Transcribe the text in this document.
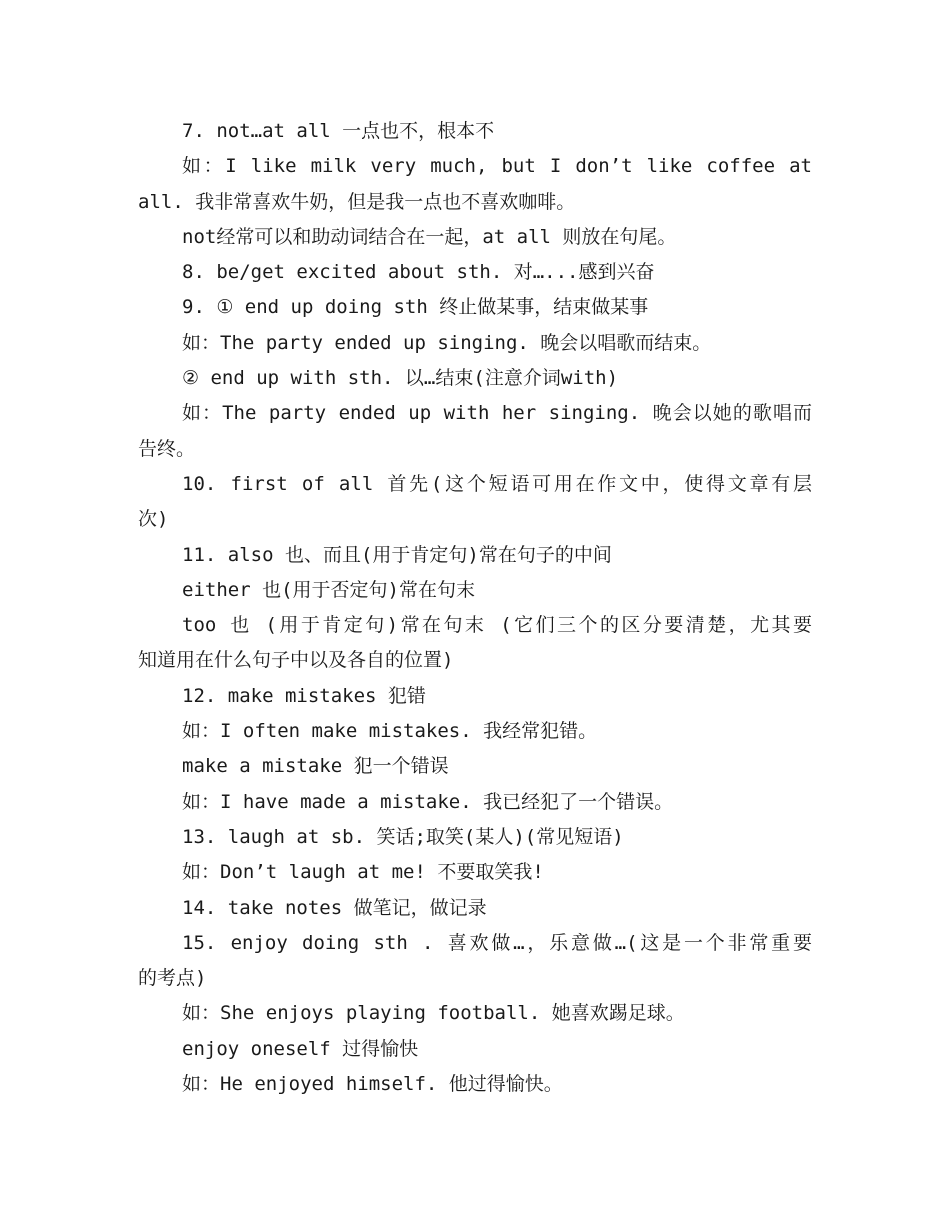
7. not…at all 一点也不，根本不
如：I like milk very much, but I don’t like coffee at
all. 我非常喜欢牛奶，但是我一点也不喜欢咖啡。
not经常可以和助动词结合在一起，at all 则放在句尾。
8. be/get excited about sth. 对…...感到兴奋
9. ① end up doing sth 终止做某事，结束做某事
如：The party ended up singing. 晚会以唱歌而结束。
② end up with sth. 以…结束(注意介词with)
如：The party ended up with her singing. 晚会以她的歌唱而
告终。
10. first of all 首先(这个短语可用在作文中，使得文章有层
次)
11. also 也、而且(用于肯定句)常在句子的中间
either 也(用于否定句)常在句末
too 也 (用于肯定句)常在句末 (它们三个的区分要清楚，尤其要
知道用在什么句子中以及各自的位置)
12. make mistakes 犯错
如：I often make mistakes. 我经常犯错。
make a mistake 犯一个错误
如：I have made a mistake. 我已经犯了一个错误。
13. laugh at sb. 笑话;取笑(某人)(常见短语)
如：Don’t laugh at me! 不要取笑我!
14. take notes 做笔记，做记录
15. enjoy doing sth . 喜欢做…，乐意做…(这是一个非常重要
的考点)
如：She enjoys playing football. 她喜欢踢足球。
enjoy oneself 过得愉快
如：He enjoyed himself. 他过得愉快。
